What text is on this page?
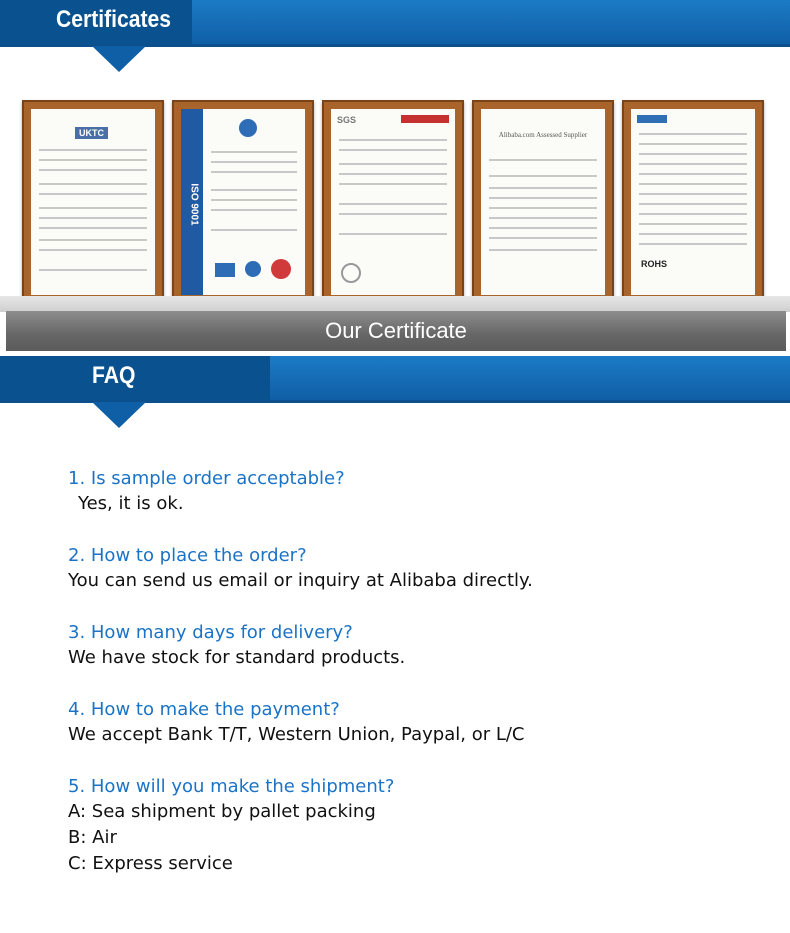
Certificates
UKTC
ISO 9001
SGS
Alibaba.com Assessed Supplier
ROHS
Our Certificate
FAQ
1. Is sample order acceptable?
Yes, it is ok.
2. How to place the order?
You can send us email or inquiry at Alibaba directly.
3. How many days for delivery?
We have stock for standard products.
4. How to make the payment?
We accept Bank T/T, Western Union, Paypal, or L/C
5. How will you make the shipment?
A: Sea shipment by pallet packing
B: Air
C: Express service
